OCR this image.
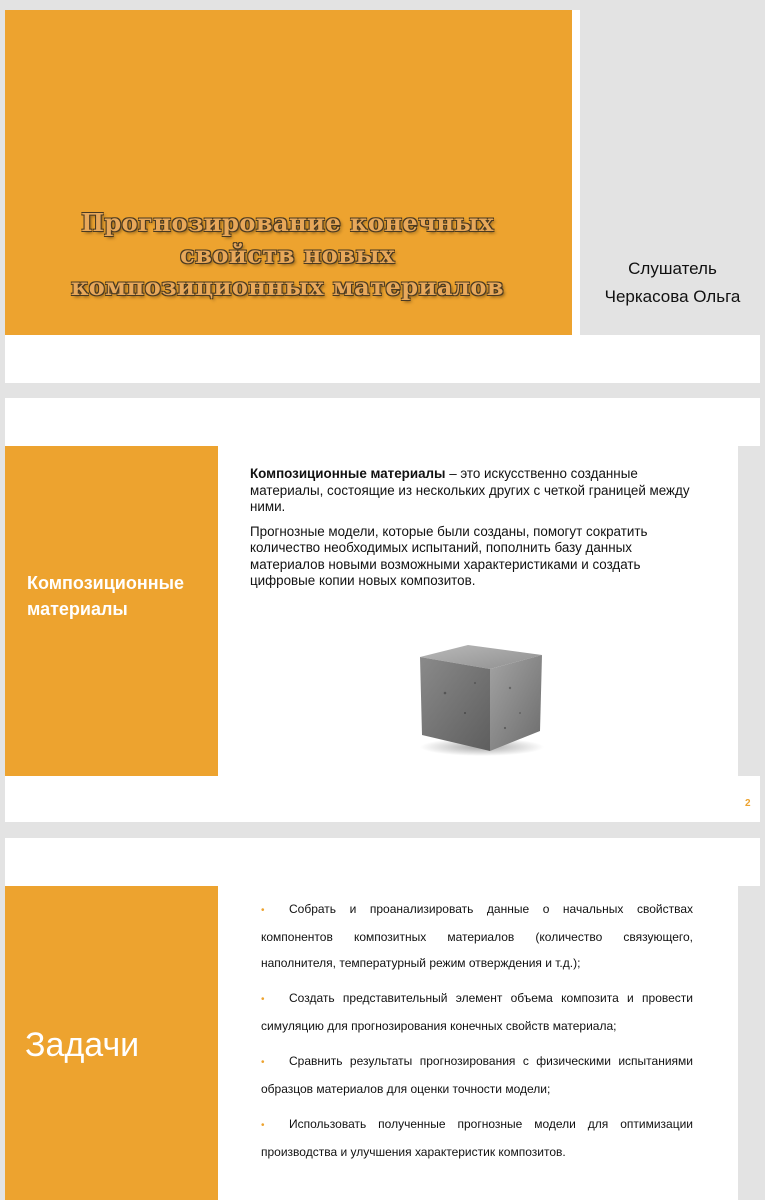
Прогнозирование конечных
свойств новых
композиционных материалов
Слушатель
Черкасова Ольга
Композиционные материалы

Композиционные материалы – это искусственно созданные материалы, состоящие из нескольких других с четкой границей между ними.

Прогнозные модели, которые были созданы, помогут сократить количество необходимых испытаний, пополнить базу данных материалов новыми возможными характеристиками и создать цифровые копии новых композитов.

2
Задачи
• Собрать и проанализировать данные о начальных свойствах компонентов композитных материалов (количество связующего, наполнителя, температурный режим отверждения и т.д.);
• Создать представительный элемент объема композита и провести симуляцию для прогнозирования конечных свойств материала;
• Сравнить результаты прогнозирования с физическими испытаниями образцов материалов для оценки точности модели;
• Использовать полученные прогнозные модели для оптимизации производства и улучшения характеристик композитов.
